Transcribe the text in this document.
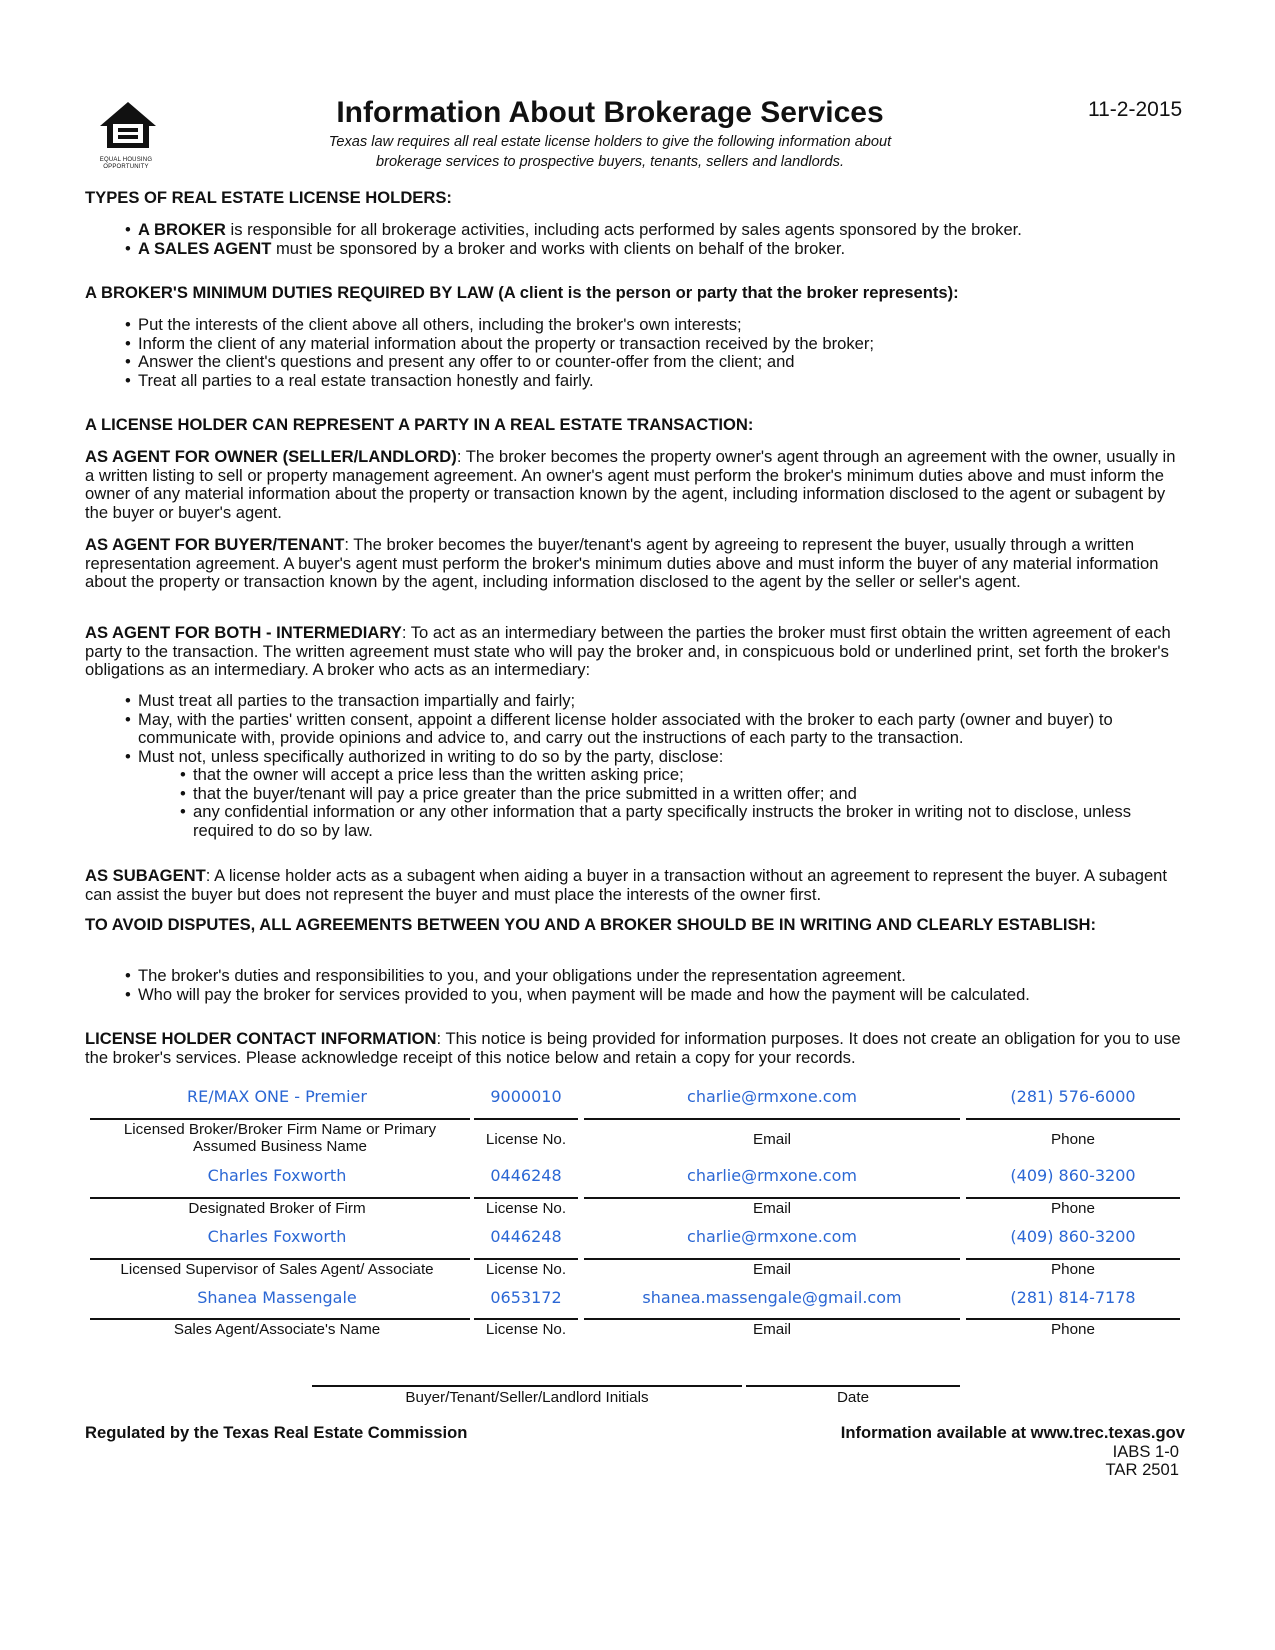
EQUAL HOUSING
OPPORTUNITY
Information About Brokerage Services
Texas law requires all real estate license holders to give the following information about
brokerage services to prospective buyers, tenants, sellers and landlords.
11-2-2015
TYPES OF REAL ESTATE LICENSE HOLDERS:
• A BROKER is responsible for all brokerage activities, including acts performed by sales agents sponsored by the broker.
• A SALES AGENT must be sponsored by a broker and works with clients on behalf of the broker.
A BROKER'S MINIMUM DUTIES REQUIRED BY LAW (A client is the person or party that the broker represents):
• Put the interests of the client above all others, including the broker's own interests;
• Inform the client of any material information about the property or transaction received by the broker;
• Answer the client's questions and present any offer to or counter-offer from the client; and
• Treat all parties to a real estate transaction honestly and fairly.
A LICENSE HOLDER CAN REPRESENT A PARTY IN A REAL ESTATE TRANSACTION:
AS AGENT FOR OWNER (SELLER/LANDLORD): The broker becomes the property owner's agent through an agreement with the owner, usually in a written listing to sell or property management agreement. An owner's agent must perform the broker's minimum duties above and must inform the owner of any material information about the property or transaction known by the agent, including information disclosed to the agent or subagent by the buyer or buyer's agent.
AS AGENT FOR BUYER/TENANT: The broker becomes the buyer/tenant's agent by agreeing to represent the buyer, usually through a written representation agreement. A buyer's agent must perform the broker's minimum duties above and must inform the buyer of any material information about the property or transaction known by the agent, including information disclosed to the agent by the seller or seller's agent.
AS AGENT FOR BOTH - INTERMEDIARY: To act as an intermediary between the parties the broker must first obtain the written agreement of each party to the transaction. The written agreement must state who will pay the broker and, in conspicuous bold or underlined print, set forth the broker's obligations as an intermediary. A broker who acts as an intermediary:
• Must treat all parties to the transaction impartially and fairly;
• May, with the parties' written consent, appoint a different license holder associated with the broker to each party (owner and buyer) to communicate with, provide opinions and advice to, and carry out the instructions of each party to the transaction.
• Must not, unless specifically authorized in writing to do so by the party, disclose:
• that the owner will accept a price less than the written asking price;
• that the buyer/tenant will pay a price greater than the price submitted in a written offer; and
• any confidential information or any other information that a party specifically instructs the broker in writing not to disclose, unless required to do so by law.
AS SUBAGENT: A license holder acts as a subagent when aiding a buyer in a transaction without an agreement to represent the buyer. A subagent can assist the buyer but does not represent the buyer and must place the interests of the owner first.
TO AVOID DISPUTES, ALL AGREEMENTS BETWEEN YOU AND A BROKER SHOULD BE IN WRITING AND CLEARLY ESTABLISH:
• The broker's duties and responsibilities to you, and your obligations under the representation agreement.
• Who will pay the broker for services provided to you, when payment will be made and how the payment will be calculated.
LICENSE HOLDER CONTACT INFORMATION: This notice is being provided for information purposes. It does not create an obligation for you to use the broker's services. Please acknowledge receipt of this notice below and retain a copy for your records.
RE/MAX ONE - Premier	9000010	charlie@rmxone.com	(281) 576-6000
Licensed Broker/Broker Firm Name or Primary Assumed Business Name	License No.	Email	Phone
Charles Foxworth	0446248	charlie@rmxone.com	(409) 860-3200
Designated Broker of Firm	License No.	Email	Phone
Charles Foxworth	0446248	charlie@rmxone.com	(409) 860-3200
Licensed Supervisor of Sales Agent/ Associate	License No.	Email	Phone
Shanea Massengale	0653172	shanea.massengale@gmail.com	(281) 814-7178
Sales Agent/Associate's Name	License No.	Email	Phone
Buyer/Tenant/Seller/Landlord Initials	Date
Regulated by the Texas Real Estate Commission	Information available at www.trec.texas.gov
IABS 1-0
TAR 2501
